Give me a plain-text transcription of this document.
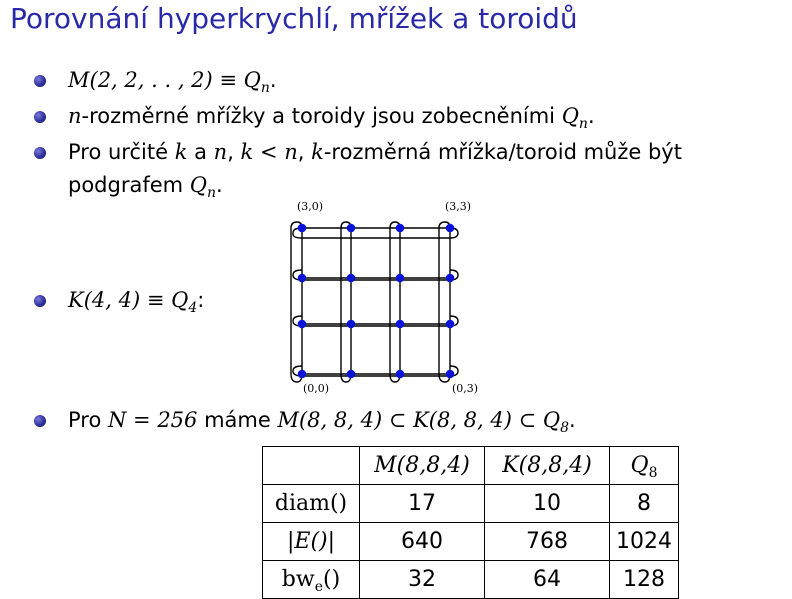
Porovnání hyperkrychlí, mřížek a toroidů
M(2, 2, . . , $2) \equiv Q_n$.
n-rozměrné mřížky a toroidy jsou zobecněními $Q_n$.
Pro určité k a n, k < n, k-rozměrná mřížka/toroid může být podgrafem $Q_n$.
K(4, $4) \equiv Q_4$:
(3,0)	(3,3)
(0,0)	(0,3)
Pro N = 256 máme M(8, 8, 4) ⊂ K(8, 8, 4) ⊂ $Q_8$.
	M(8,8,4)	K(8,8,4)	$Q_8$
diam()	17	10	8
|E()|	640	768	1024
$bw_e()$	32	64	128
